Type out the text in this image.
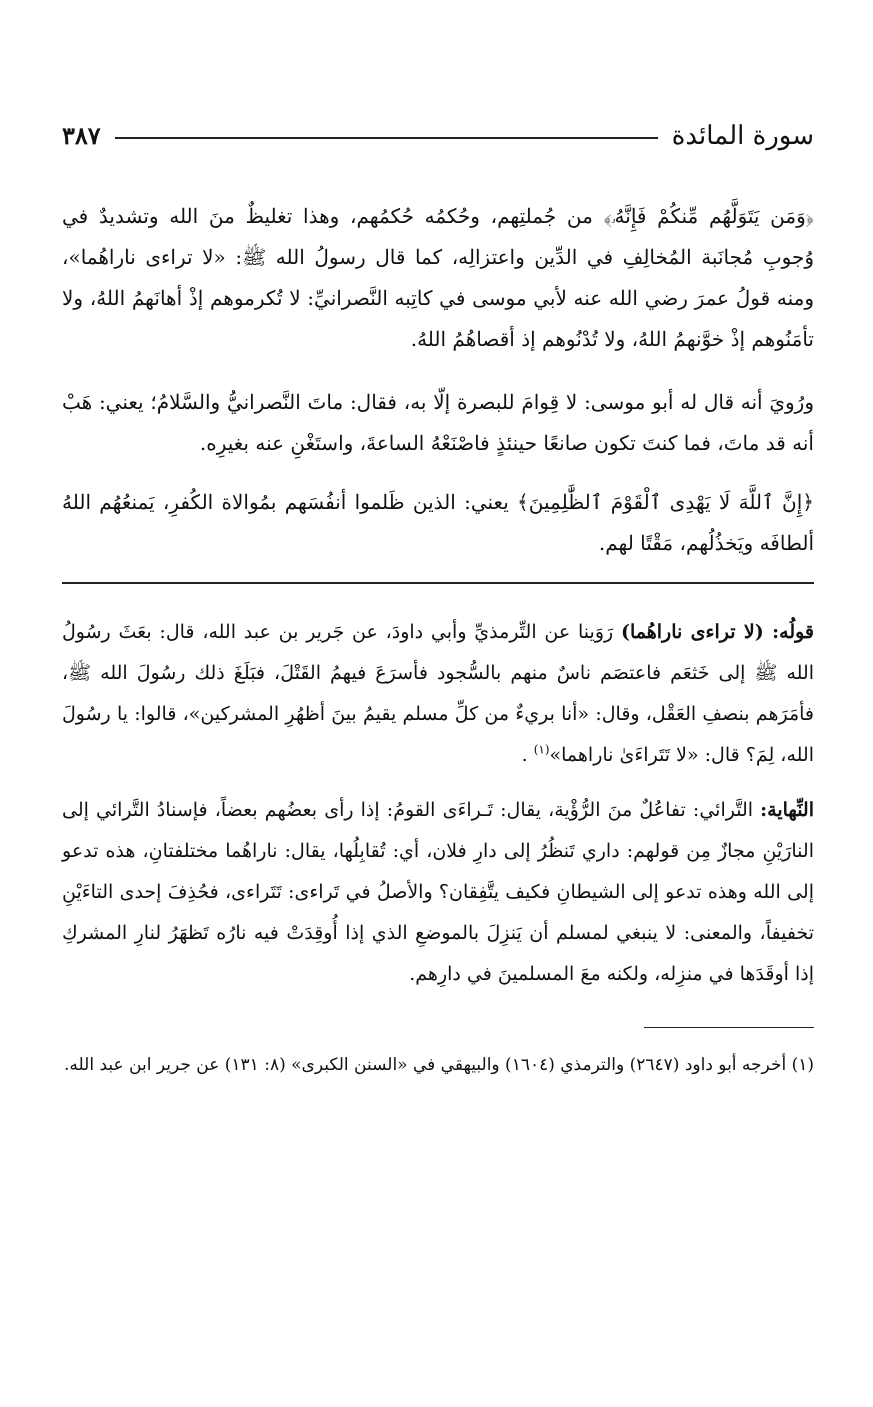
سورة المائدة
٣٨٧

﴿وَمَن يَتَوَلَّهُم مِّنكُمْ فَإِنَّهُۥ﴾ من جُملتِهم، وحُكمُه حُكمُهم، وهذا تغليظٌ منَ الله وتشديدٌ في وُجوبِ مُجانَبة المُخالِفِ في الدِّين واعتزالِه، كما قال رسولُ الله ﷺ: «لا تراءى ناراهُما»، ومنه قولُ عمرَ رضي الله عنه لأبي موسى في كاتِبه النَّصرانيِّ: لا تُكرموهم إذْ أهانَهمُ اللهُ، ولا تأمَنُوهم إذْ خوَّنهمُ اللهُ، ولا تُدْنُوهم إذ أقصاهُمُ اللهُ.

ورُويَ أنه قال له أبو موسى: لا قِوامَ للبصرة إلّا به، فقال: ماتَ النَّصرانيُّ والسَّلامُ؛ يعني: هَبْ أنه قد ماتَ، فما كنتَ تكون صانعًا حينئذٍ فاصْنَعْهُ الساعةَ، واستَغْنِ عنه بغيرِه.

﴿إِنَّ ٱللَّهَ لَا يَهْدِى ٱلْقَوْمَ ٱلظَّٰلِمِينَ﴾ يعني: الذين ظَلموا أنفُسَهم بمُوالاة الكُفرِ، يَمنعُهُم اللهُ ألطافَه ويَخذُلُهم، مَقْتًا لهم.

قولُه: (لا تراءى ناراهُما) رَوَينا عن التِّرمذيِّ وأبي داودَ، عن جَرير بن عبد الله، قال: بعَثَ رسُولُ الله ﷺ إلى خَثعَم فاعتصَم ناسٌ منهم بالسُّجود فأسرَعَ فيهمُ القَتْلَ، فبَلَغَ ذلك رسُولَ الله ﷺ، فأمَرَهم بنصفِ العَقْل، وقال: «أنا بريءٌ من كلِّ مسلم يقيمُ بينَ أظهُرِ المشركين»، قالوا: يا رسُولَ الله، لِمَ؟ قال: «لا تَتَراءَىٰ ناراهما»$^{(١)}$ .

النِّهاية: التَّرائي: تفاعُلٌ منَ الرُّؤْية، يقال: تَـراءَى القومُ: إذا رأى بعضُهم بعضاً، فإسنادُ التَّرائي إلى النارَيْنِ مجازٌ مِن قولهم: داري تَنظُرُ إلى دارِ فلان، أي: تُقابِلُها، يقال: ناراهُما مختلفتانِ، هذه تدعو إلى الله وهذه تدعو إلى الشيطانِ فكيف يتَّفِقان؟ والأصلُ في تَراءى: تَتَراءى، فحُذِفَ إحدى التاءَيْنِ تخفيفاً، والمعنى: لا ينبغي لمسلم أن يَنزِلَ بالموضعِ الذي إذا أُوقِدَتْ فيه نارُه تَظهَرُ لنارِ المشركِ إذا أوقَدَها في منزِله، ولكنه معَ المسلمينَ في دارِهم.

(١) أخرجه أبو داود (٢٦٤٧) والترمذي (١٦٠٤) والبيهقي في «السنن الكبرى» (٨: ١٣١) عن جرير ابن عبد الله.
